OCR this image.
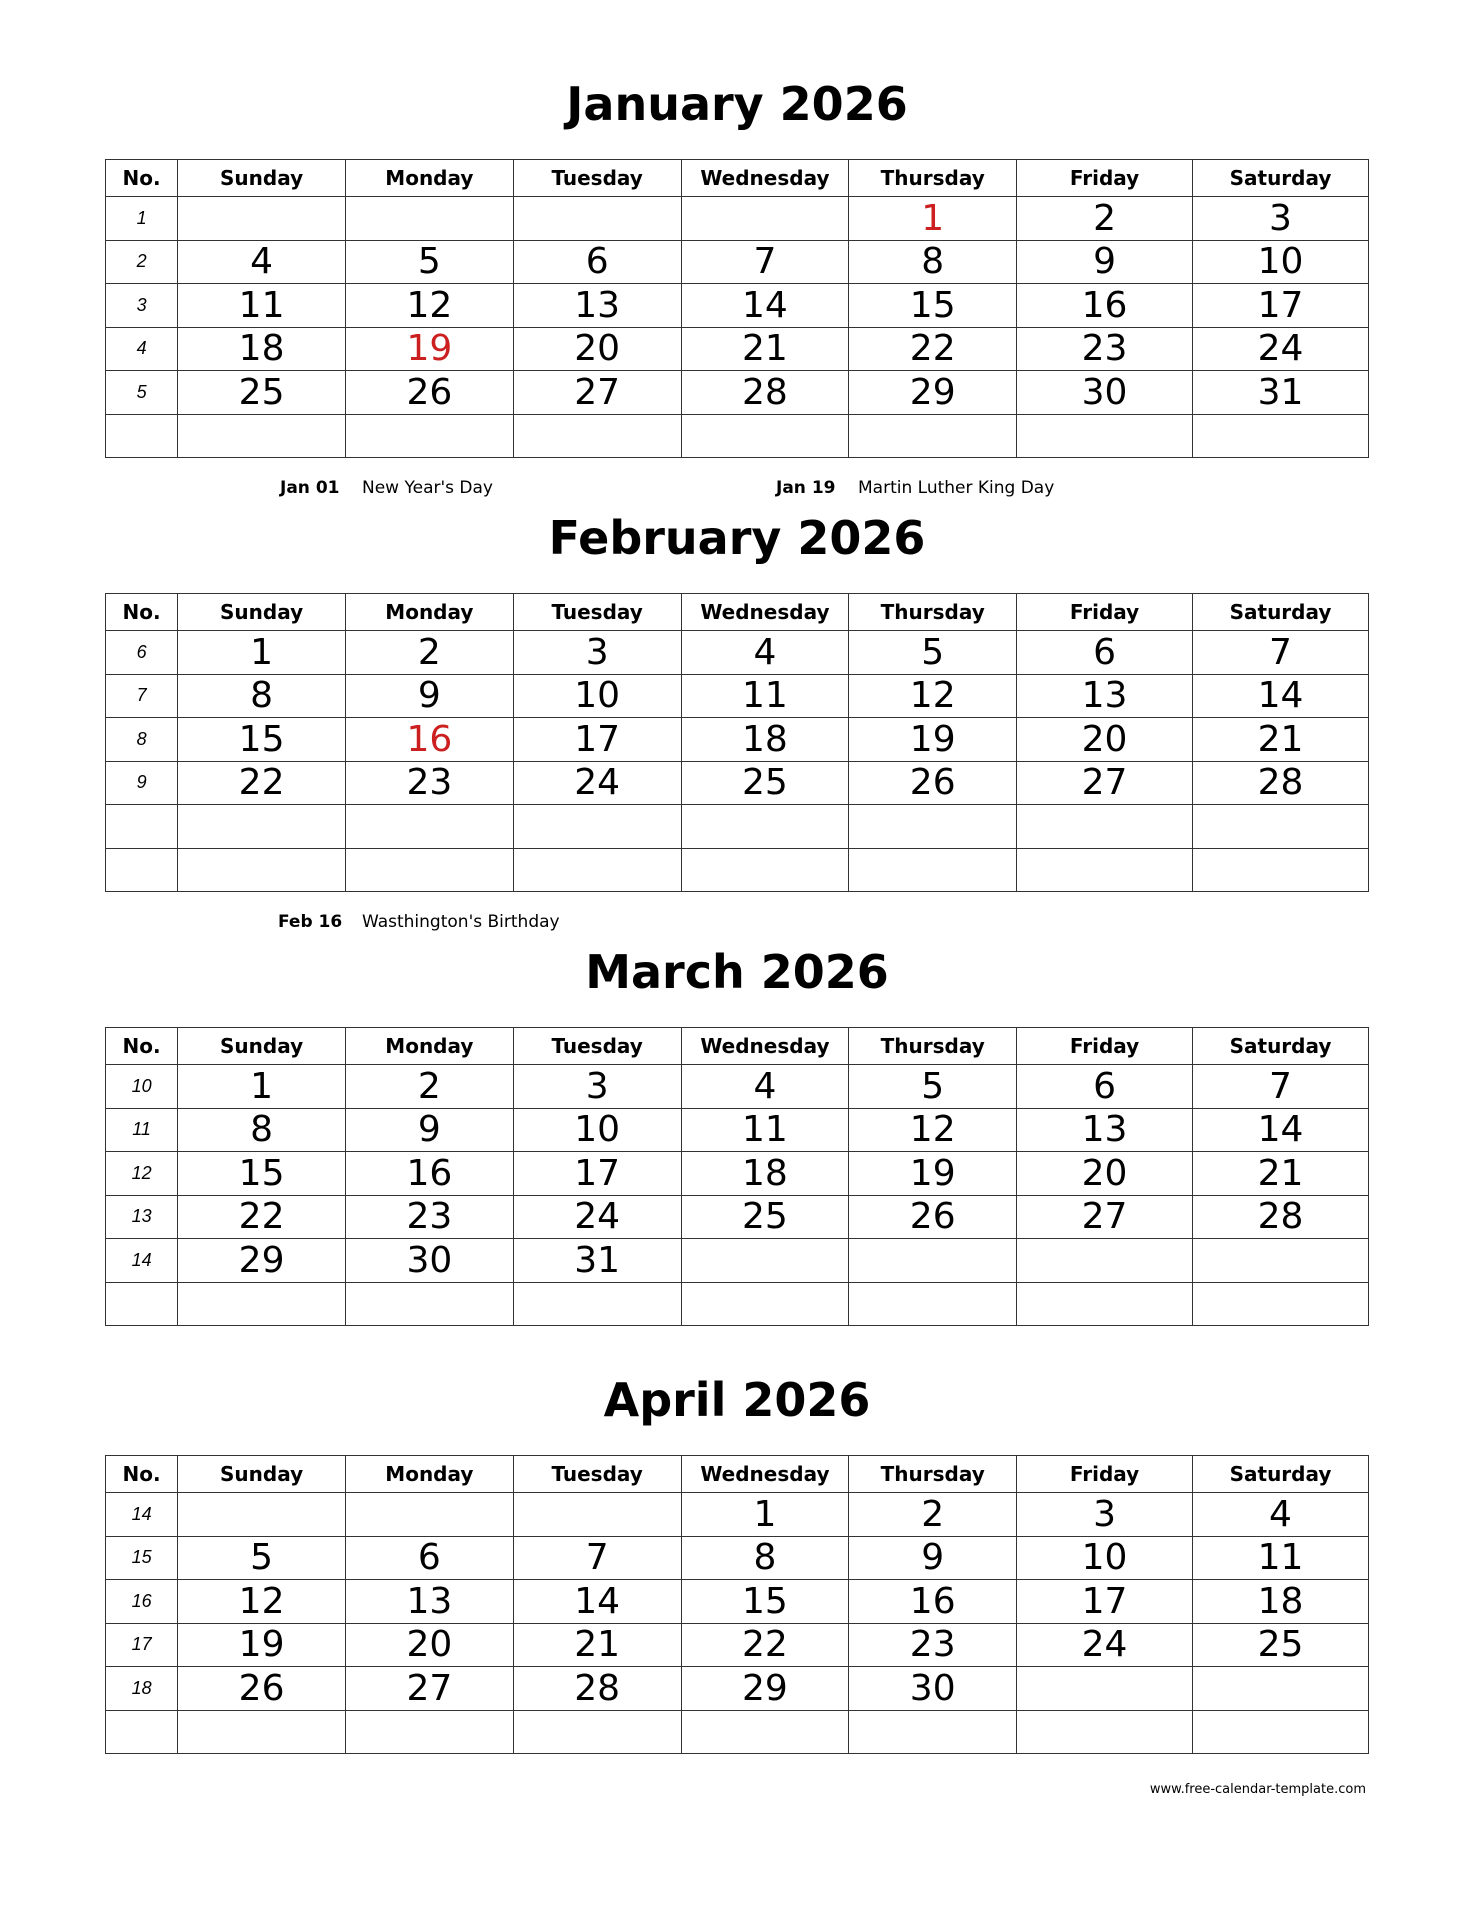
January 2026
No.	Sunday	Monday	Tuesday	Wednesday	Thursday	Friday	Saturday
1					1	2	3
2	4	5	6	7	8	9	10
3	11	12	13	14	15	16	17
4	18	19	20	21	22	23	24
5	25	26	27	28	29	30	31

Jan 01 New Year's Day	Jan 19 Martin Luther King Day
February 2026
No.	Sunday	Monday	Tuesday	Wednesday	Thursday	Friday	Saturday
6	1	2	3	4	5	6	7
7	8	9	10	11	12	13	14
8	15	16	17	18	19	20	21
9	22	23	24	25	26	27	28

Feb 16 Wasthington's Birthday
March 2026
No.	Sunday	Monday	Tuesday	Wednesday	Thursday	Friday	Saturday
10	1	2	3	4	5	6	7
11	8	9	10	11	12	13	14
12	15	16	17	18	19	20	21
13	22	23	24	25	26	27	28
14	29	30	31				

April 2026
No.	Sunday	Monday	Tuesday	Wednesday	Thursday	Friday	Saturday
14				1	2	3	4
15	5	6	7	8	9	10	11
16	12	13	14	15	16	17	18
17	19	20	21	22	23	24	25
18	26	27	28	29	30		

www.free-calendar-template.com
